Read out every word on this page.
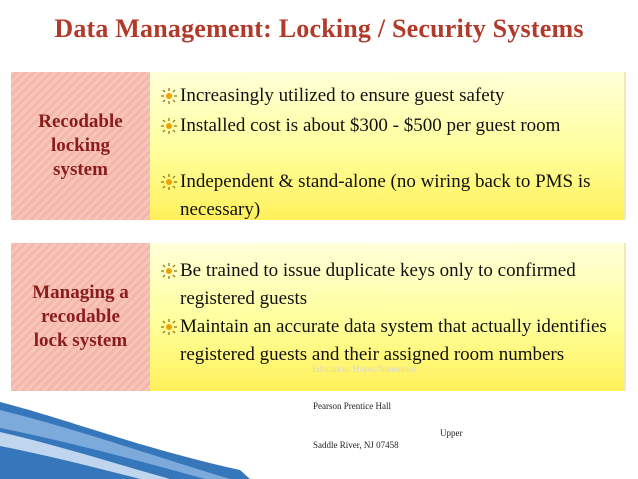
Data Management: Locking / Security Systems
Recodable
locking
system
Increasingly utilized to ensure guest safety
Installed cost is about $300 - $500 per guest room
Independent & stand-alone (no wiring back to PMS is necessary)
Managing a
recodable
lock system
Be trained to issue duplicate keys only to confirmed registered guests
Maintain an accurate data system that actually identifies registered guests and their assigned room numbers
Education, Hayes/Ninemeier
Pearson Prentice Hall
Upper
Saddle River, NJ 07458
